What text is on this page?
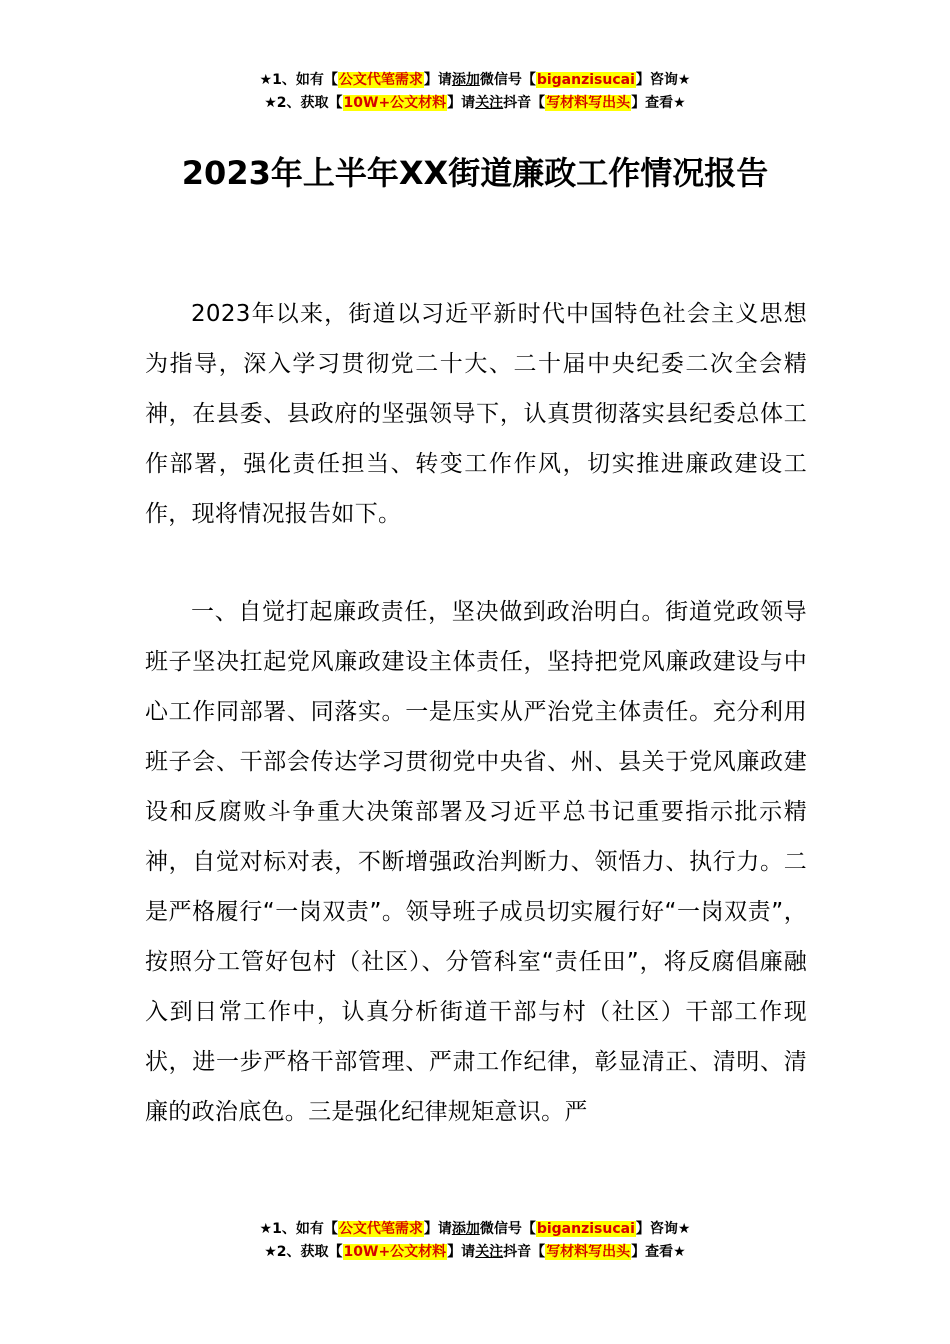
★1、如有【公文代笔需求】请添加微信号【biganzisucai】咨询★
★2、获取【10W+公文材料】请关注抖音【写材料写出头】查看★
2023年上半年XX街道廉政工作情况报告

2023年以来，街道以习近平新时代中国特色社会主义思想为指导，深入学习贯彻党二十大、二十届中央纪委二次全会精神，在县委、县政府的坚强领导下，认真贯彻落实县纪委总体工作部署，强化责任担当、转变工作作风，切实推进廉政建设工作，现将情况报告如下。

一、自觉打起廉政责任，坚决做到政治明白。街道党政领导班子坚决扛起党风廉政建设主体责任，坚持把党风廉政建设与中心工作同部署、同落实。一是压实从严治党主体责任。充分利用班子会、干部会传达学习贯彻党中央省、州、县关于党风廉政建设和反腐败斗争重大决策部署及习近平总书记重要指示批示精神，自觉对标对表，不断增强政治判断力、领悟力、执行力。二是严格履行“一岗双责”。领导班子成员切实履行好“一岗双责”，按照分工管好包村（社区）、分管科室“责任田”，将反腐倡廉融入到日常工作中，认真分析街道干部与村（社区）干部工作现状，进一步严格干部管理、严肃工作纪律，彰显清正、清明、清廉的政治底色。三是强化纪律规矩意识。严

★1、如有【公文代笔需求】请添加微信号【biganzisucai】咨询★
★2、获取【10W+公文材料】请关注抖音【写材料写出头】查看★
